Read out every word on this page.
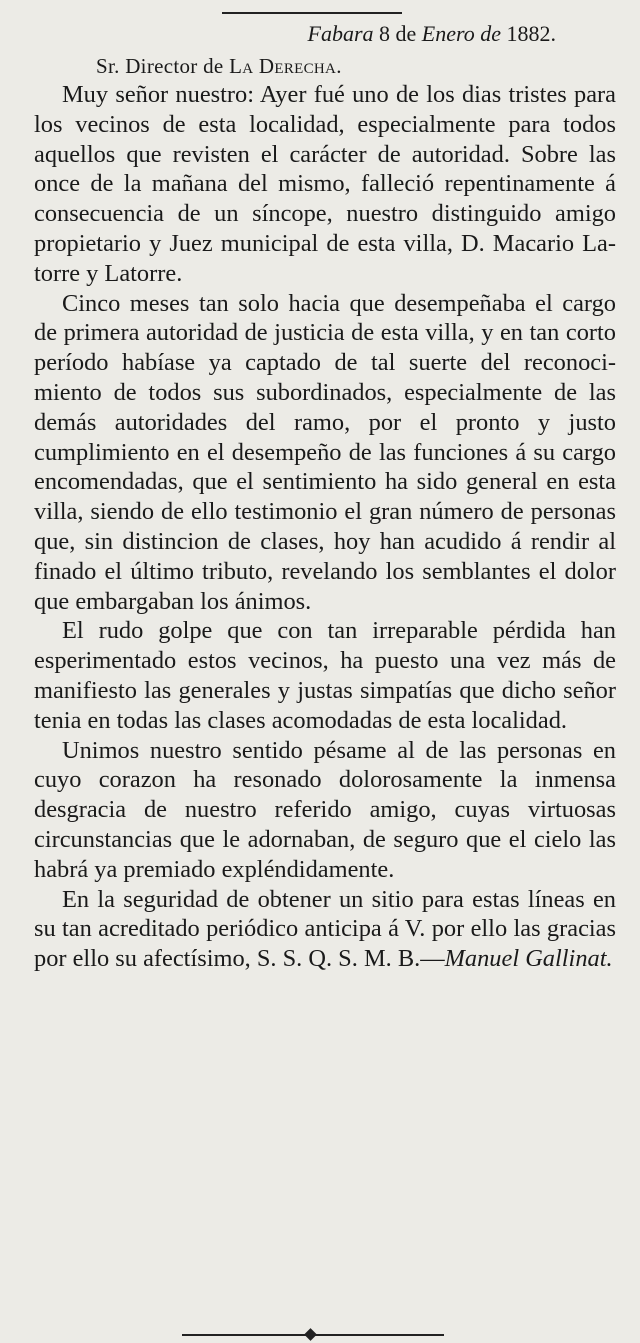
Fabara 8 de Enero de 1882.
Sr. Director de La Derecha.

Muy señor nuestro: Ayer fué uno de los dias tristes para los vecinos de esta localidad, especialmente para todos aquellos que revisten el carácter de autoridad. Sobre las once de la mañana del mismo, falleció repentinamente á consecuencia de un síncope, nuestro distinguido amigo propietario y Juez municipal de esta villa, D. Macario Latorre y Latorre.

Cinco meses tan solo hacia que desempeñaba el cargo de primera autoridad de justicia de esta villa, y en tan corto período habíase ya captado de tal suerte del reconocimiento de todos sus subordinados, especialmente de las demás autoridades del ramo, por el pronto y justo cumplimiento en el desempeño de las funciones á su cargo encomendadas, que el sentimiento ha sido general en esta villa, siendo de ello testimonio el gran número de personas que, sin distincion de clases, hoy han acudido á rendir al finado el último tributo, revelando los semblantes el dolor que embargaban los ánimos.

El rudo golpe que con tan irreparable pérdida han esperimentado estos vecinos, ha puesto una vez más de manifiesto las generales y justas simpatías que dicho señor tenia en todas las clases acomodadas de esta localidad.

Unimos nuestro sentido pésame al de las personas en cuyo corazon ha resonado dolorosamente la inmensa desgracia de nuestro referido amigo, cuyas virtuosas circunstancias que le adornaban, de seguro que el cielo las habrá ya premiado expléndidamente.

En la seguridad de obtener un sitio para estas líneas en su tan acreditado periódico anticipa á V. por ello las gracias por ello su afectísimo, S. S. Q. S. M. B.—Manuel Gallinat.
